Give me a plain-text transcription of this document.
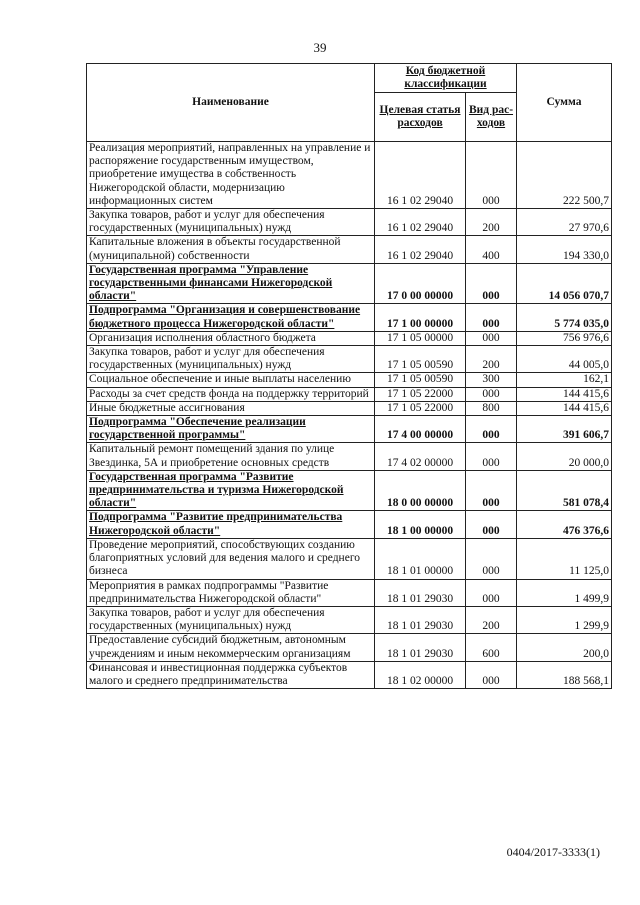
39
Наименование	Код бюджетной классификации		Сумма
	Целевая статья расходов	Вид рас-ходов	
Реализация мероприятий, направленных на управление и распоряжение государственным имуществом, приобретение имущества в собственность Нижегородской области, модернизацию информационных систем	16 1 02 29040	000	222 500,7
Закупка товаров, работ и услуг для обеспечения государственных (муниципальных) нужд	16 1 02 29040	200	27 970,6
Капитальные вложения в объекты государственной (муниципальной) собственности	16 1 02 29040	400	194 330,0
Государственная программа "Управление государственными финансами Нижегородской области"	17 0 00 00000	000	14 056 070,7
Подпрограмма "Организация и совершенствование бюджетного процесса Нижегородской области"	17 1 00 00000	000	5 774 035,0
Организация исполнения областного бюджета	17 1 05 00000	000	756 976,6
Закупка товаров, работ и услуг для обеспечения государственных (муниципальных) нужд	17 1 05 00590	200	44 005,0
Социальное обеспечение и иные выплаты населению	17 1 05 00590	300	162,1
Расходы за счет средств фонда на поддержку территорий	17 1 05 22000	000	144 415,6
Иные бюджетные ассигнования	17 1 05 22000	800	144 415,6
Подпрограмма "Обеспечение реализации государственной программы"	17 4 00 00000	000	391 606,7
Капитальный ремонт помещений здания по улице Звездинка, 5А и приобретение основных средств	17 4 02 00000	000	20 000,0
Государственная программа "Развитие предпринимательства и туризма Нижегородской области"	18 0 00 00000	000	581 078,4
Подпрограмма "Развитие предпринимательства Нижегородской области"	18 1 00 00000	000	476 376,6
Проведение мероприятий, способствующих созданию благоприятных условий для ведения малого и среднего бизнеса	18 1 01 00000	000	11 125,0
Мероприятия в рамках подпрограммы "Развитие предпринимательства Нижегородской области"	18 1 01 29030	000	1 499,9
Закупка товаров, работ и услуг для обеспечения государственных (муниципальных) нужд	18 1 01 29030	200	1 299,9
Предоставление субсидий бюджетным, автономным учреждениям и иным некоммерческим организациям	18 1 01 29030	600	200,0
Финансовая и инвестиционная поддержка субъектов малого и среднего предпринимательства	18 1 02 00000	000	188 568,1
0404/2017-3333(1)
